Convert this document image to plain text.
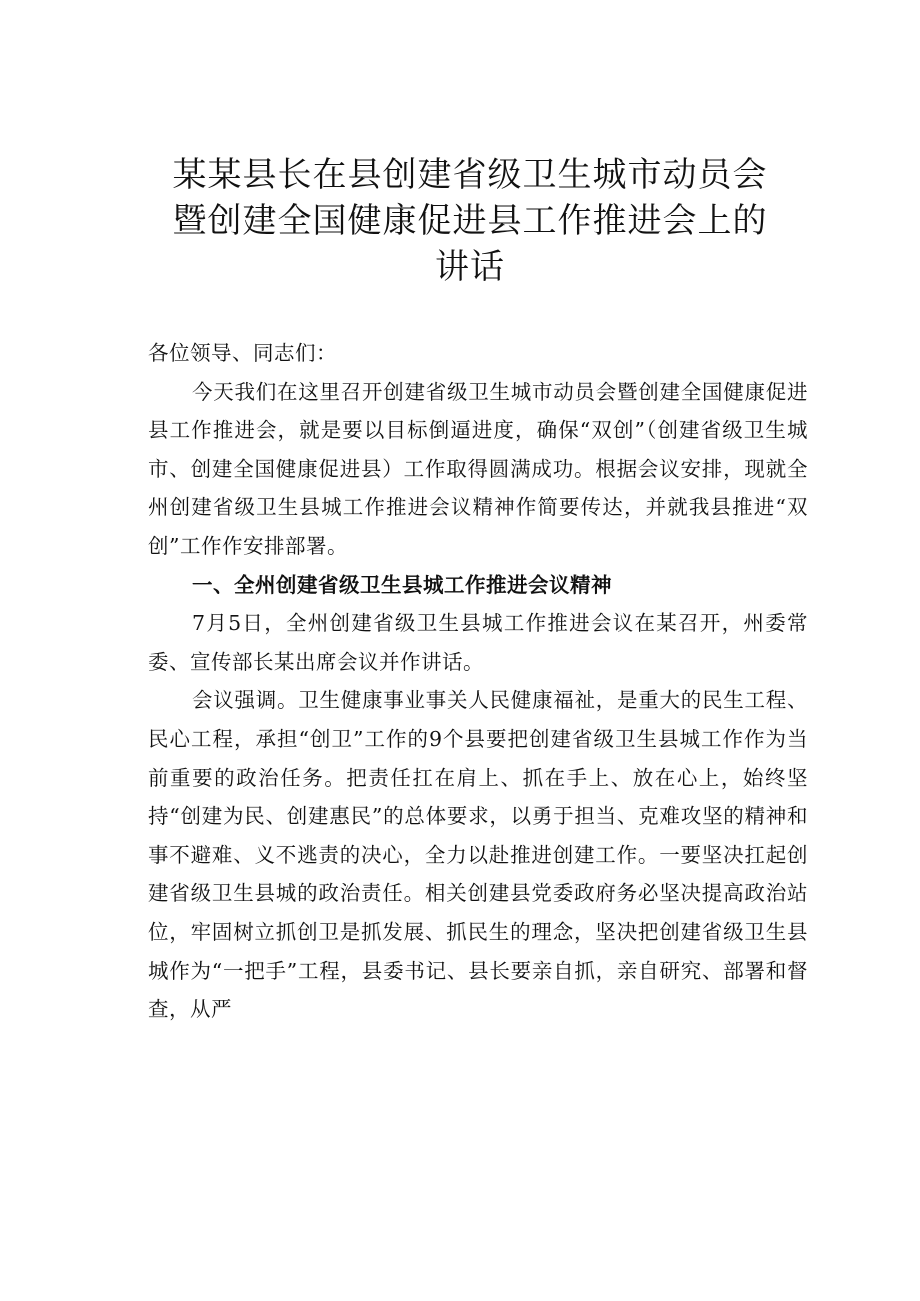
某某县长在县创建省级卫生城市动员会
暨创建全国健康促进县工作推进会上的
讲话

各位领导、同志们：

今天我们在这里召开创建省级卫生城市动员会暨创建全国健康促进县工作推进会，就是要以目标倒逼进度，确保“双创”（创建省级卫生城市、创建全国健康促进县）工作取得圆满成功。根据会议安排，现就全州创建省级卫生县城工作推进会议精神作简要传达，并就我县推进“双创”工作作安排部署。

一、全州创建省级卫生县城工作推进会议精神

7月5日，全州创建省级卫生县城工作推进会议在某召开，州委常委、宣传部长某出席会议并作讲话。

会议强调。卫生健康事业事关人民健康福祉，是重大的民生工程、民心工程，承担“创卫”工作的9个县要把创建省级卫生县城工作作为当前重要的政治任务。把责任扛在肩上、抓在手上、放在心上，始终坚持“创建为民、创建惠民”的总体要求，以勇于担当、克难攻坚的精神和事不避难、义不逃责的决心，全力以赴推进创建工作。一要坚决扛起创建省级卫生县城的政治责任。相关创建县党委政府务必坚决提高政治站位，牢固树立抓创卫是抓发展、抓民生的理念，坚决把创建省级卫生县城作为“一把手”工程，县委书记、县长要亲自抓，亲自研究、部署和督查，从严
